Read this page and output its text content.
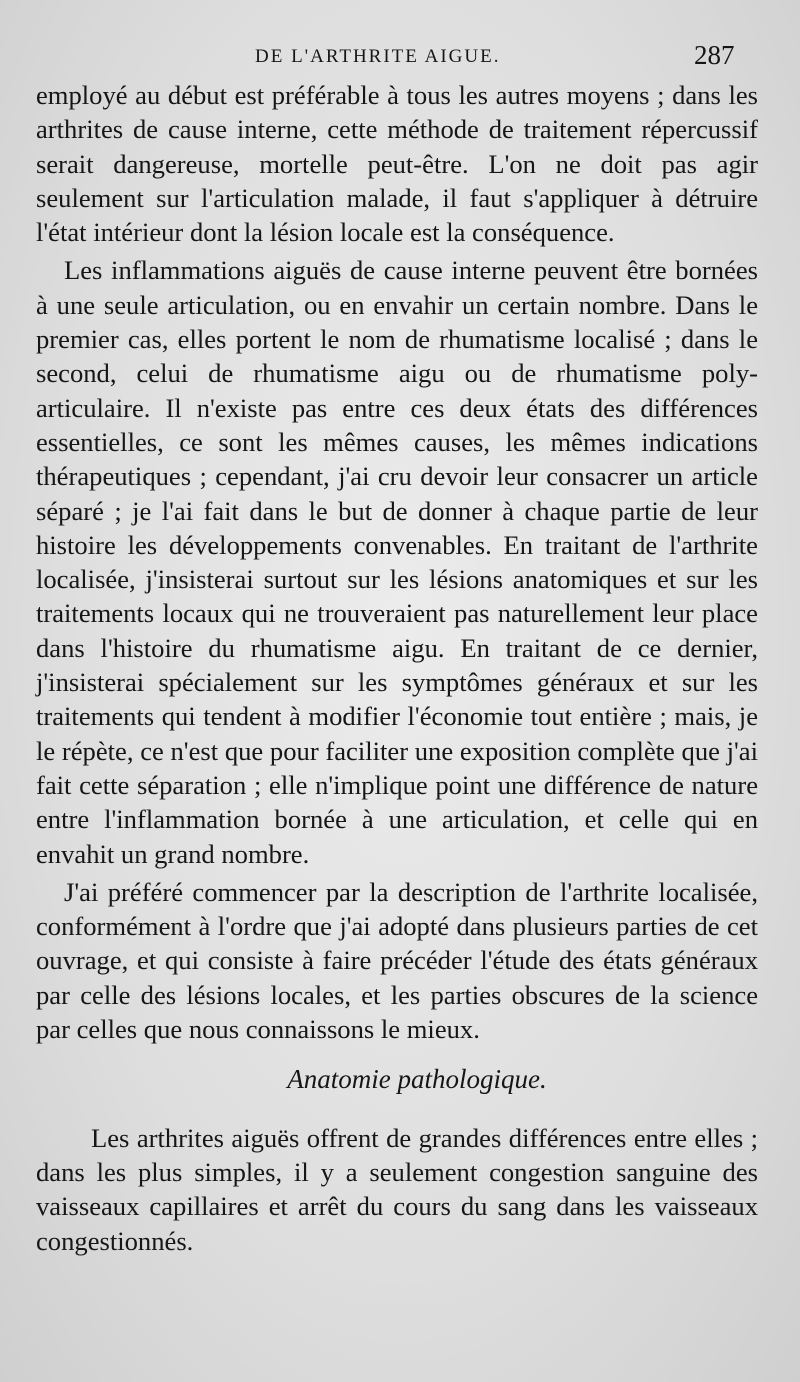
DE L'ARTHRITE AIGUE.	287

employé au début est préférable à tous les autres moyens ; dans les arthrites de cause interne, cette méthode de traitement répercussif serait dangereuse, mortelle peut-être. L'on ne doit pas agir seulement sur l'articulation malade, il faut s'appliquer à détruire l'état intérieur dont la lésion locale est la conséquence.

Les inflammations aiguës de cause interne peuvent être bornées à une seule articulation, ou en envahir un certain nombre. Dans le premier cas, elles portent le nom de rhumatisme localisé ; dans le second, celui de rhumatisme aigu ou de rhumatisme poly-articulaire. Il n'existe pas entre ces deux états des différences essentielles, ce sont les mêmes causes, les mêmes indications thérapeutiques ; cependant, j'ai cru devoir leur consacrer un article séparé ; je l'ai fait dans le but de donner à chaque partie de leur histoire les développements convenables. En traitant de l'arthrite localisée, j'insisterai surtout sur les lésions anatomiques et sur les traitements locaux qui ne trouveraient pas naturellement leur place dans l'histoire du rhumatisme aigu. En traitant de ce dernier, j'insisterai spécialement sur les symptômes généraux et sur les traitements qui tendent à modifier l'économie tout entière ; mais, je le répète, ce n'est que pour faciliter une exposition complète que j'ai fait cette séparation ; elle n'implique point une différence de nature entre l'inflammation bornée à une articulation, et celle qui en envahit un grand nombre.

J'ai préféré commencer par la description de l'arthrite localisée, conformément à l'ordre que j'ai adopté dans plusieurs parties de cet ouvrage, et qui consiste à faire précéder l'étude des états généraux par celle des lésions locales, et les parties obscures de la science par celles que nous connaissons le mieux.

Anatomie pathologique.

Les arthrites aiguës offrent de grandes différences entre elles ; dans les plus simples, il y a seulement congestion sanguine des vaisseaux capillaires et arrêt du cours du sang dans les vaisseaux congestionnés.
